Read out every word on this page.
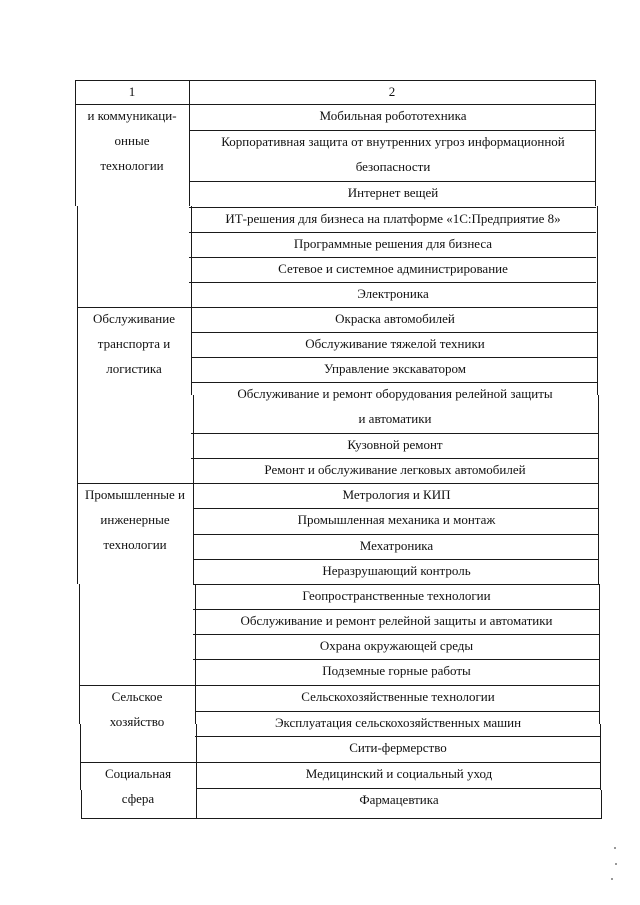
1	2
и коммуникаци-
онные
технологии
Мобильная робототехника
Корпоративная защита от внутренних угроз информационной
безопасности
Интернет вещей
ИТ-решения для бизнеса на платформе «1С:Предприятие 8»
Программные решения для бизнеса
Сетевое и системное администрирование
Электроника
Обслуживание
транспорта и
логистика
Окраска автомобилей
Обслуживание тяжелой техники
Управление экскаватором
Обслуживание и ремонт оборудования релейной защиты
и автоматики
Кузовной ремонт
Ремонт и обслуживание легковых автомобилей
Промышленные и
инженерные
технологии
Метрология и КИП
Промышленная механика и монтаж
Мехатроника
Неразрушающий контроль
Геопространственные технологии
Обслуживание и ремонт релейной защиты и автоматики
Охрана окружающей среды
Подземные горные работы
Сельское
хозяйство
Сельскохозяйственные технологии
Эксплуатация сельскохозяйственных машин
Сити-фермерство
Социальная
сфера
Медицинский и социальный уход
Фармацевтика
